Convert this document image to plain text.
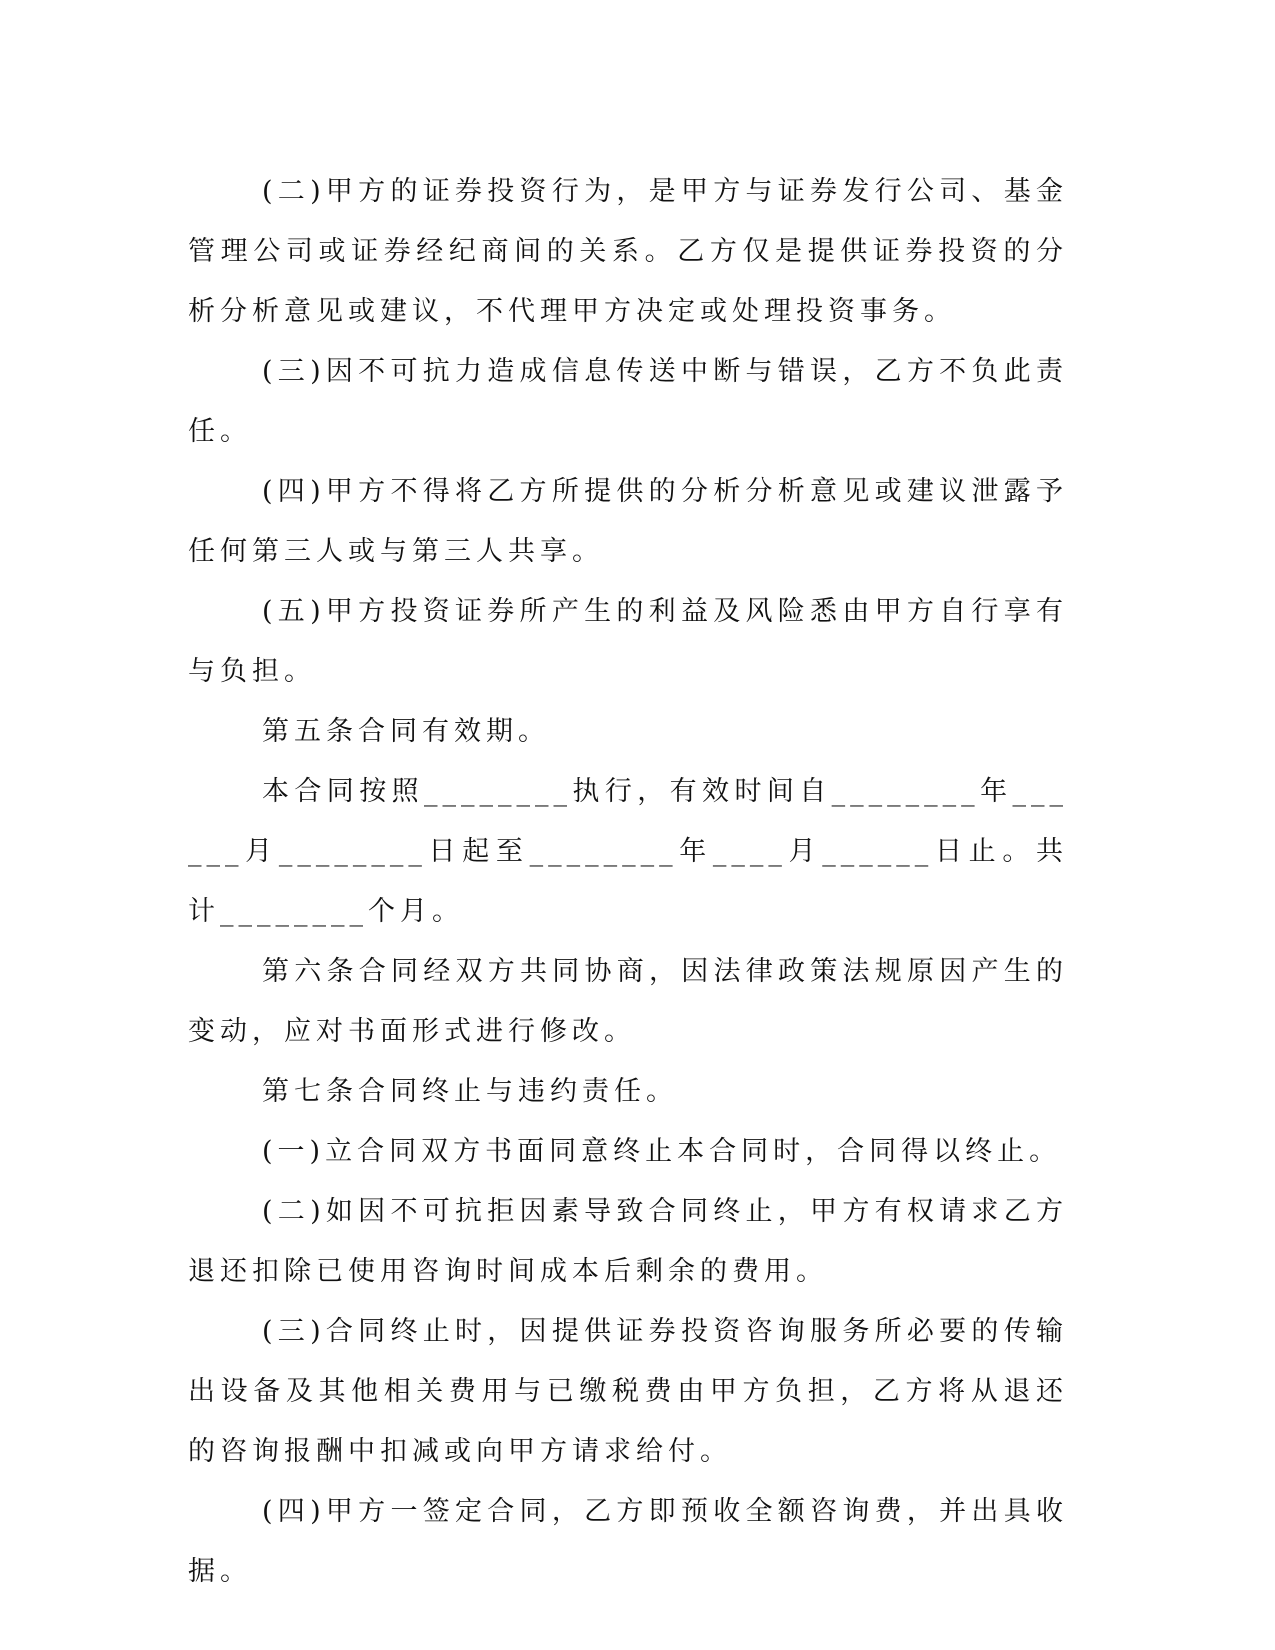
(二)甲方的证券投资行为，是甲方与证券发行公司、基金管理公司或证券经纪商间的关系。乙方仅是提供证券投资的分析分析意见或建议，不代理甲方决定或处理投资事务。

(三)因不可抗力造成信息传送中断与错误，乙方不负此责任。

(四)甲方不得将乙方所提供的分析分析意见或建议泄露予任何第三人或与第三人共享。

(五)甲方投资证券所产生的利益及风险悉由甲方自行享有与负担。

第五条合同有效期。

本合同按照________执行，有效时间自________年______月________日起至________年____月______日止。共计________个月。

第六条合同经双方共同协商，因法律政策法规原因产生的变动，应对书面形式进行修改。

第七条合同终止与违约责任。

(一)立合同双方书面同意终止本合同时，合同得以终止。

(二)如因不可抗拒因素导致合同终止，甲方有权请求乙方退还扣除已使用咨询时间成本后剩余的费用。

(三)合同终止时，因提供证券投资咨询服务所必要的传输出设备及其他相关费用与已缴税费由甲方负担，乙方将从退还的咨询报酬中扣减或向甲方请求给付。

(四)甲方一签定合同，乙方即预收全额咨询费，并出具收据。
